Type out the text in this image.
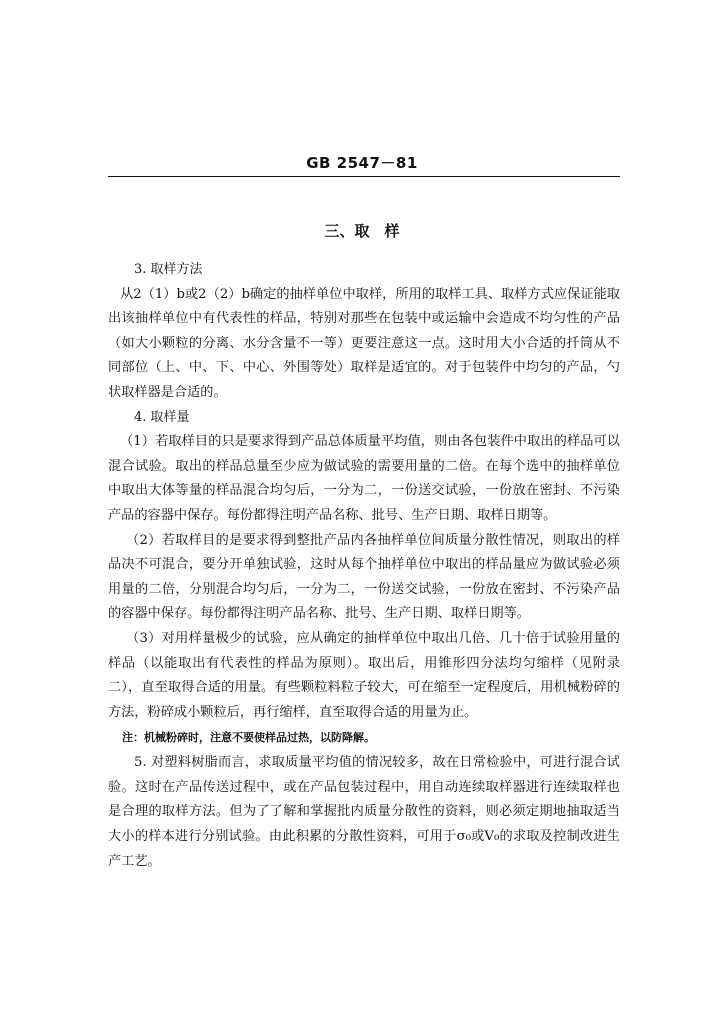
GB 2547－81
三、取　样

3. 取样方法

从2（1）b或2（2）b确定的抽样单位中取样，所用的取样工具、取样方式应保证能取出该抽样单位中有代表性的样品，特别对那些在包装中或运输中会造成不均匀性的产品（如大小颗粒的分离、水分含量不一等）更要注意这一点。这时用大小合适的扦筒从不同部位（上、中、下、中心、外围等处）取样是适宜的。对于包装件中均匀的产品，勺状取样器是合适的。

4. 取样量

（1）若取样目的只是要求得到产品总体质量平均值，则由各包装件中取出的样品可以混合试验。取出的样品总量至少应为做试验的需要用量的二倍。在每个选中的抽样单位中取出大体等量的样品混合均匀后，一分为二，一份送交试验，一份放在密封、不污染产品的容器中保存。每份都得注明产品名称、批号、生产日期、取样日期等。

（2）若取样目的是要求得到整批产品内各抽样单位间质量分散性情况，则取出的样品决不可混合，要分开单独试验，这时从每个抽样单位中取出的样品量应为做试验必须用量的二倍，分别混合均匀后，一分为二，一份送交试验，一份放在密封、不污染产品的容器中保存。每份都得注明产品名称、批号、生产日期、取样日期等。

（3）对用样量极少的试验，应从确定的抽样单位中取出几倍、几十倍于试验用量的样品（以能取出有代表性的样品为原则）。取出后，用锥形四分法均匀缩样（见附录二），直至取得合适的用量。有些颗粒料粒子较大，可在缩至一定程度后，用机械粉碎的方法，粉碎成小颗粒后，再行缩样，直至取得合适的用量为止。

注：机械粉碎时，注意不要使样品过热，以防降解。

5. 对塑料树脂而言，求取质量平均值的情况较多，故在日常检验中，可进行混合试验。这时在产品传送过程中，或在产品包装过程中，用自动连续取样器进行连续取样也是合理的取样方法。但为了了解和掌握批内质量分散性的资料，则必须定期地抽取适当大小的样本进行分别试验。由此积累的分散性资料，可用于σ₀或V₀的求取及控制改进生产工艺。
